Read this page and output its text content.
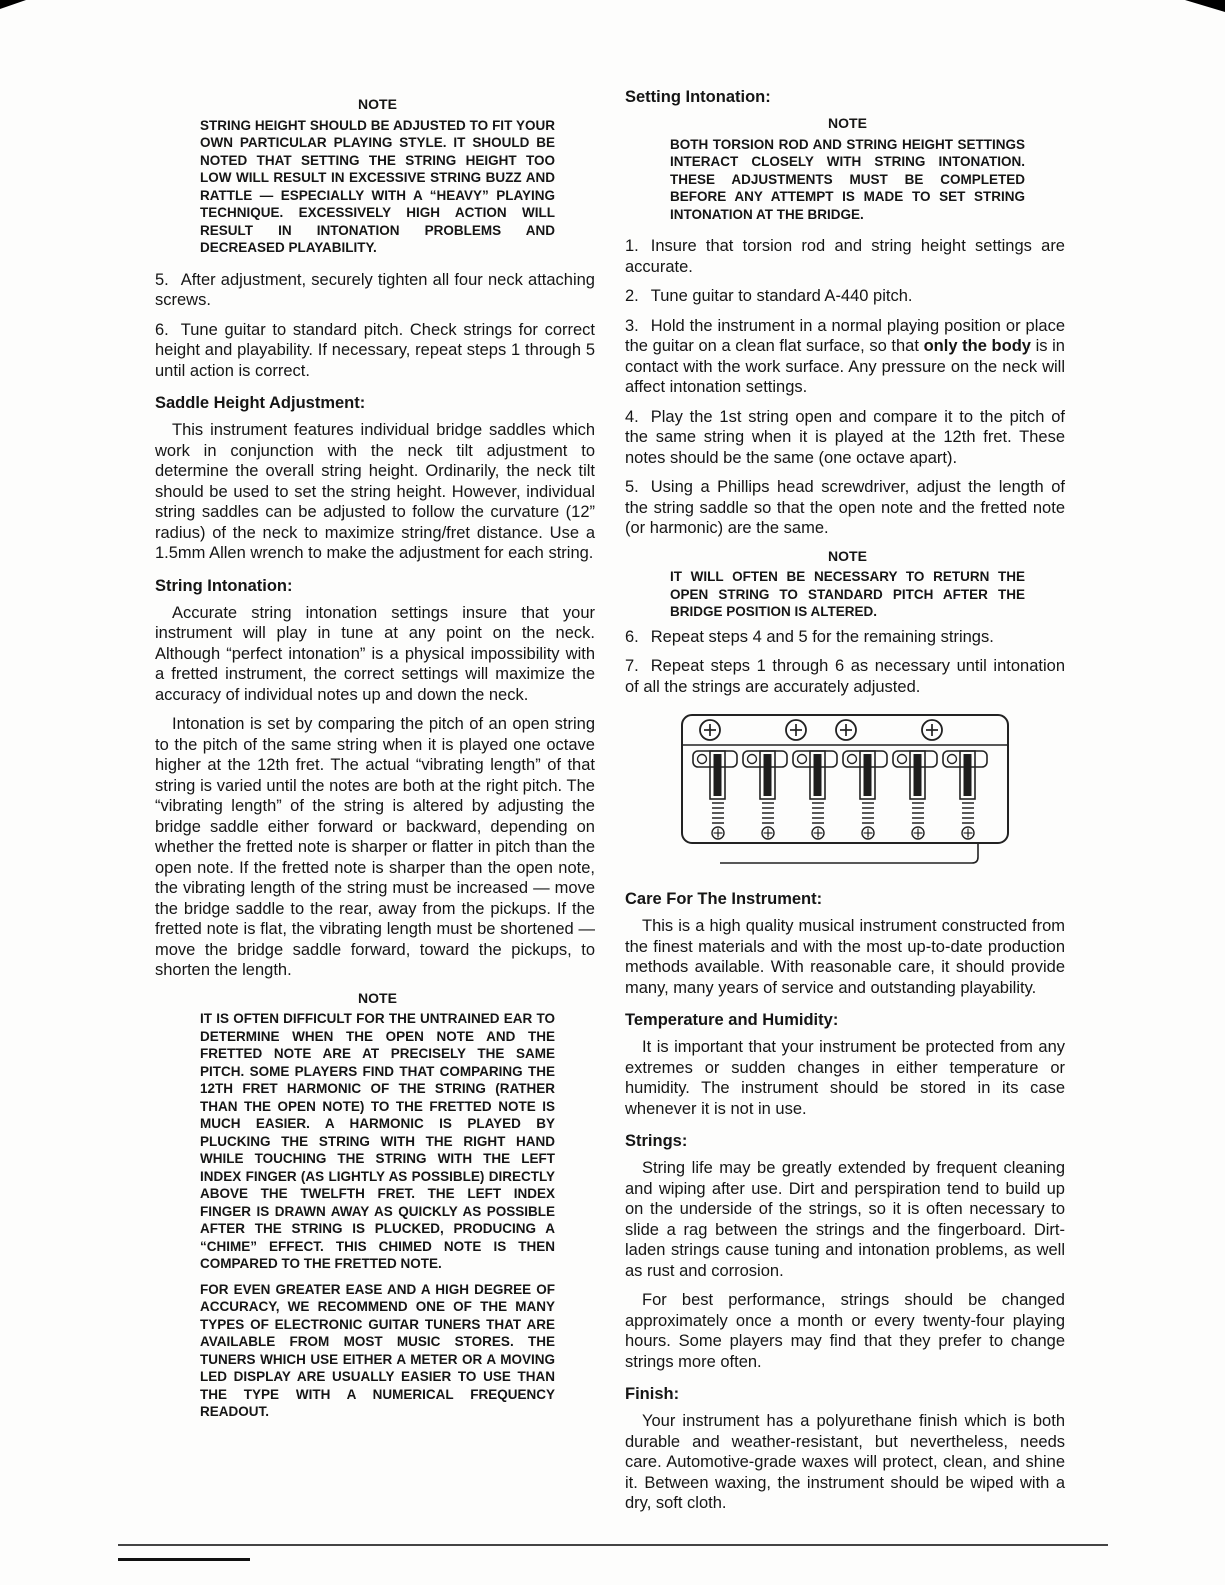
NOTE
STRING HEIGHT SHOULD BE ADJUSTED TO FIT YOUR OWN PARTICULAR PLAYING STYLE. IT SHOULD BE NOTED THAT SETTING THE STRING HEIGHT TOO LOW WILL RESULT IN EXCESSIVE STRING BUZZ AND RATTLE — ESPECIALLY WITH A “HEAVY” PLAYING TECHNIQUE. EXCESSIVELY HIGH ACTION WILL RESULT IN INTONATION PROBLEMS AND DECREASED PLAYABILITY.

5. After adjustment, securely tighten all four neck attaching screws.

6. Tune guitar to standard pitch. Check strings for correct height and playability. If necessary, repeat steps 1 through 5 until action is correct.

Saddle Height Adjustment:

This instrument features individual bridge saddles which work in conjunction with the neck tilt adjustment to determine the overall string height. Ordinarily, the neck tilt should be used to set the string height. However, individual string saddles can be adjusted to follow the curvature (12” radius) of the neck to maximize string/fret distance. Use a 1.5mm Allen wrench to make the adjustment for each string.

String Intonation:

Accurate string intonation settings insure that your instrument will play in tune at any point on the neck. Although “perfect intonation” is a physical impossibility with a fretted instrument, the correct settings will maximize the accuracy of individual notes up and down the neck.

Intonation is set by comparing the pitch of an open string to the pitch of the same string when it is played one octave higher at the 12th fret. The actual “vibrating length” of that string is varied until the notes are both at the right pitch. The “vibrating length” of the string is altered by adjusting the bridge saddle either forward or backward, depending on whether the fretted note is sharper or flatter in pitch than the open note. If the fretted note is sharper than the open note, the vibrating length of the string must be increased — move the bridge saddle to the rear, away from the pickups. If the fretted note is flat, the vibrating length must be shortened — move the bridge saddle forward, toward the pickups, to shorten the length.

NOTE
IT IS OFTEN DIFFICULT FOR THE UNTRAINED EAR TO DETERMINE WHEN THE OPEN NOTE AND THE FRETTED NOTE ARE AT PRECISELY THE SAME PITCH. SOME PLAYERS FIND THAT COMPARING THE 12TH FRET HARMONIC OF THE STRING (RATHER THAN THE OPEN NOTE) TO THE FRETTED NOTE IS MUCH EASIER. A HARMONIC IS PLAYED BY PLUCKING THE STRING WITH THE RIGHT HAND WHILE TOUCHING THE STRING WITH THE LEFT INDEX FINGER (AS LIGHTLY AS POSSIBLE) DIRECTLY ABOVE THE TWELFTH FRET. THE LEFT INDEX FINGER IS DRAWN AWAY AS QUICKLY AS POSSIBLE AFTER THE STRING IS PLUCKED, PRODUCING A “CHIME” EFFECT. THIS CHIMED NOTE IS THEN COMPARED TO THE FRETTED NOTE.
FOR EVEN GREATER EASE AND A HIGH DEGREE OF ACCURACY, WE RECOMMEND ONE OF THE MANY TYPES OF ELECTRONIC GUITAR TUNERS THAT ARE AVAILABLE FROM MOST MUSIC STORES. THE TUNERS WHICH USE EITHER A METER OR A MOVING LED DISPLAY ARE USUALLY EASIER TO USE THAN THE TYPE WITH A NUMERICAL FREQUENCY READOUT.
Setting Intonation:
NOTE
BOTH TORSION ROD AND STRING HEIGHT SETTINGS INTERACT CLOSELY WITH STRING INTONATION. THESE ADJUSTMENTS MUST BE COMPLETED BEFORE ANY ATTEMPT IS MADE TO SET STRING INTONATION AT THE BRIDGE.

1. Insure that torsion rod and string height settings are accurate.

2. Tune guitar to standard A-440 pitch.

3. Hold the instrument in a normal playing position or place the guitar on a clean flat surface, so that only the body is in contact with the work surface. Any pressure on the neck will affect intonation settings.

4. Play the 1st string open and compare it to the pitch of the same string when it is played at the 12th fret. These notes should be the same (one octave apart).

5. Using a Phillips head screwdriver, adjust the length of the string saddle so that the open note and the fretted note (or harmonic) are the same.

NOTE
IT WILL OFTEN BE NECESSARY TO RETURN THE OPEN STRING TO STANDARD PITCH AFTER THE BRIDGE POSITION IS ALTERED.

6. Repeat steps 4 and 5 for the remaining strings.

7. Repeat steps 1 through 6 as necessary until intonation of all the strings are accurately adjusted.

Care For The Instrument:

This is a high quality musical instrument constructed from the finest materials and with the most up-to-date production methods available. With reasonable care, it should provide many, many years of service and outstanding playability.

Temperature and Humidity:

It is important that your instrument be protected from any extremes or sudden changes in either temperature or humidity. The instrument should be stored in its case whenever it is not in use.

Strings:

String life may be greatly extended by frequent cleaning and wiping after use. Dirt and perspiration tend to build up on the underside of the strings, so it is often necessary to slide a rag between the strings and the fingerboard. Dirt-laden strings cause tuning and intonation problems, as well as rust and corrosion.

For best performance, strings should be changed approximately once a month or every twenty-four playing hours. Some players may find that they prefer to change strings more often.

Finish:

Your instrument has a polyurethane finish which is both durable and weather-resistant, but nevertheless, needs care. Automotive-grade waxes will protect, clean, and shine it. Between waxing, the instrument should be wiped with a dry, soft cloth.
